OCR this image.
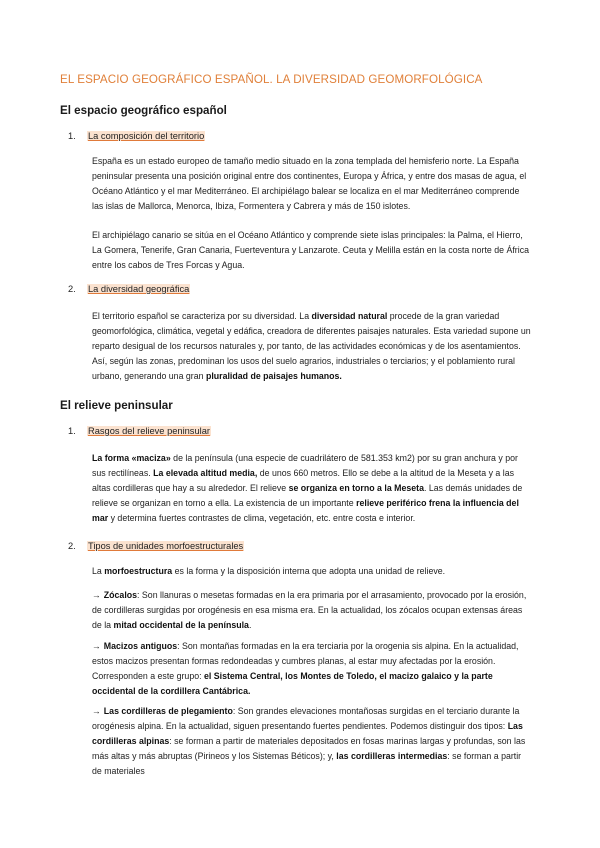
EL ESPACIO GEOGRÁFICO ESPAÑOL. LA DIVERSIDAD GEOMORFOLÓGICA
El espacio geográfico español
1. La composición del territorio

España es un estado europeo de tamaño medio situado en la zona templada del hemisferio norte. La España peninsular presenta una posición original entre dos continentes, Europa y África, y entre dos masas de agua, el Océano Atlántico y el mar Mediterráneo. El archipiélago balear se localiza en el mar Mediterráneo comprende las islas de Mallorca, Menorca, Ibiza, Formentera y Cabrera y más de 150 islotes.

El archipiélago canario se sitúa en el Océano Atlántico y comprende siete islas principales: la Palma, el Hierro, La Gomera, Tenerife, Gran Canaria, Fuerteventura y Lanzarote. Ceuta y Melilla están en la costa norte de África entre los cabos de Tres Forcas y Agua.

2. La diversidad geográfica

El territorio español se caracteriza por su diversidad. La diversidad natural procede de la gran variedad geomorfológica, climática, vegetal y edáfica, creadora de diferentes paisajes naturales. Esta variedad supone un reparto desigual de los recursos naturales y, por tanto, de las actividades económicas y de los asentamientos. Así, según las zonas, predominan los usos del suelo agrarios, industriales o terciarios; y el poblamiento rural urbano, generando una gran pluralidad de paisajes humanos.

El relieve peninsular
1. Rasgos del relieve peninsular

La forma «maciza» de la península (una especie de cuadrilátero de 581.353 km2) por su gran anchura y por sus rectilíneas. La elevada altitud media, de unos 660 metros. Ello se debe a la altitud de la Meseta y a las altas cordilleras que hay a su alrededor. El relieve se organiza en torno a la Meseta. Las demás unidades de relieve se organizan en torno a ella. La existencia de un importante relieve periférico frena la influencia del mar y determina fuertes contrastes de clima, vegetación, etc. entre costa e interior.

2. Tipos de unidades morfoestructurales

La morfoestructura es la forma y la disposición interna que adopta una unidad de relieve.

→ Zócalos: Son llanuras o mesetas formadas en la era primaria por el arrasamiento, provocado por la erosión, de cordilleras surgidas por orogénesis en esa misma era. En la actualidad, los zócalos ocupan extensas áreas de la mitad occidental de la península.

→ Macizos antiguos: Son montañas formadas en la era terciaria por la orogenia sis alpina. En la actualidad, estos macizos presentan formas redondeadas y cumbres planas, al estar muy afectadas por la erosión. Corresponden a este grupo: el Sistema Central, los Montes de Toledo, el macizo galaico y la parte occidental de la cordillera Cantábrica.

→ Las cordilleras de plegamiento: Son grandes elevaciones montañosas surgidas en el terciario durante la orogénesis alpina. En la actualidad, siguen presentando fuertes pendientes. Podemos distinguir dos tipos: Las cordilleras alpinas: se forman a partir de materiales depositados en fosas marinas largas y profundas, son las más altas y más abruptas (Pirineos y los Sistemas Béticos); y, las cordilleras intermedias: se forman a partir de materiales
